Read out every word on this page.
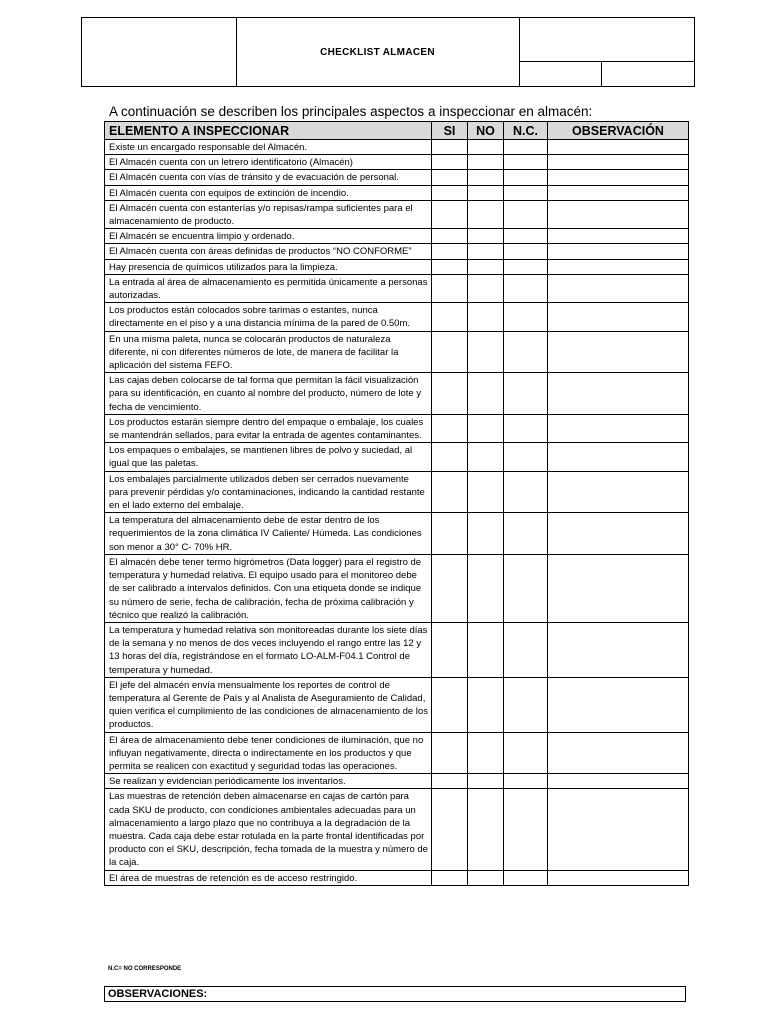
CHECKLIST ALMACEN
A continuación se describen los principales aspectos a inspeccionar en almacén:
ELEMENTO A INSPECCIONAR	SI	NO	N.C.	OBSERVACIÓN
Existe un encargado responsable del Almacén.				
El Almacén cuenta con un letrero identificatorio (Almacén)				
El Almacén cuenta con vías de tránsito y de evacuación de personal.				
El Almacén cuenta con equipos de extinción de incendio.				
El Almacén cuenta con estanterías y/o repisas/rampa suficientes para el almacenamiento de producto.				
El Almacén se encuentra limpio y ordenado.				
El Almacén cuenta con áreas definidas de productos “NO CONFORME”				
Hay presencia de químicos utilizados para la limpieza.				
La entrada al área de almacenamiento es permitida únicamente a personas autorizadas.				
Los productos están colocados sobre tarimas o estantes, nunca directamente en el piso y a una distancia mínima de la pared de 0.50m.				
En una misma paleta, nunca se colocarán productos de naturaleza diferente, ni con diferentes números de lote, de manera de facilitar la aplicación del sistema FEFO.				
Las cajas deben colocarse de tal forma que permitan la fácil visualización para su identificación, en cuanto al nombre del producto, número de lote y fecha de vencimiento.				
Los productos estarán siempre dentro del empaque o embalaje, los cuales se mantendrán sellados, para evitar la entrada de agentes contaminantes.				
Los empaques o embalajes, se mantienen libres de polvo y suciedad, al igual que las paletas.				
Los embalajes parcialmente utilizados deben ser cerrados nuevamente para prevenir pérdidas y/o contaminaciones, indicando la cantidad restante en el lado externo del embalaje.				
La temperatura del almacenamiento debe de estar dentro de los requerimientos de la zona climática IV Caliente/ Húmeda. Las condiciones son menor a 30° C- 70% HR.				
El almacén debe tener termo higrómetros (Data logger) para el registro de temperatura y humedad relativa. El equipo usado para el monitoreo debe de ser calibrado a intervalos definidos. Con una etiqueta donde se indique su número de serie, fecha de calibración, fecha de próxima calibración y técnico que realizó la calibración.				
La temperatura y humedad relativa son monitoreadas durante los siete días de la semana y no menos de dos veces incluyendo el rango entre las 12 y 13 horas del día, registrándose en el formato LO-ALM-F04.1 Control de temperatura y humedad.				
El jefe del almacén envía mensualmente los reportes de control de temperatura al Gerente de País y al Analista de Aseguramiento de Calidad, quien verifica el cumplimiento de las condiciones de almacenamiento de los productos.				
El área de almacenamiento debe tener condiciones de iluminación, que no influyan negativamente, directa o indirectamente en los productos y que permita se realicen con exactitud y seguridad todas las operaciones.				
Se realizan y evidencian periódicamente los inventarios.				
Las muestras de retención deben almacenarse en cajas de cartón para cada SKU de producto, con condiciones ambientales adecuadas para un almacenamiento a largo plazo que no contribuya a la degradación de la muestra. Cada caja debe estar rotulada en la parte frontal identificadas por producto con el SKU, descripción, fecha tomada de la muestra y número de la caja.				
El área de muestras de retención es de acceso restringido.				
N.C= NO CORRESPONDE
OBSERVACIONES:
